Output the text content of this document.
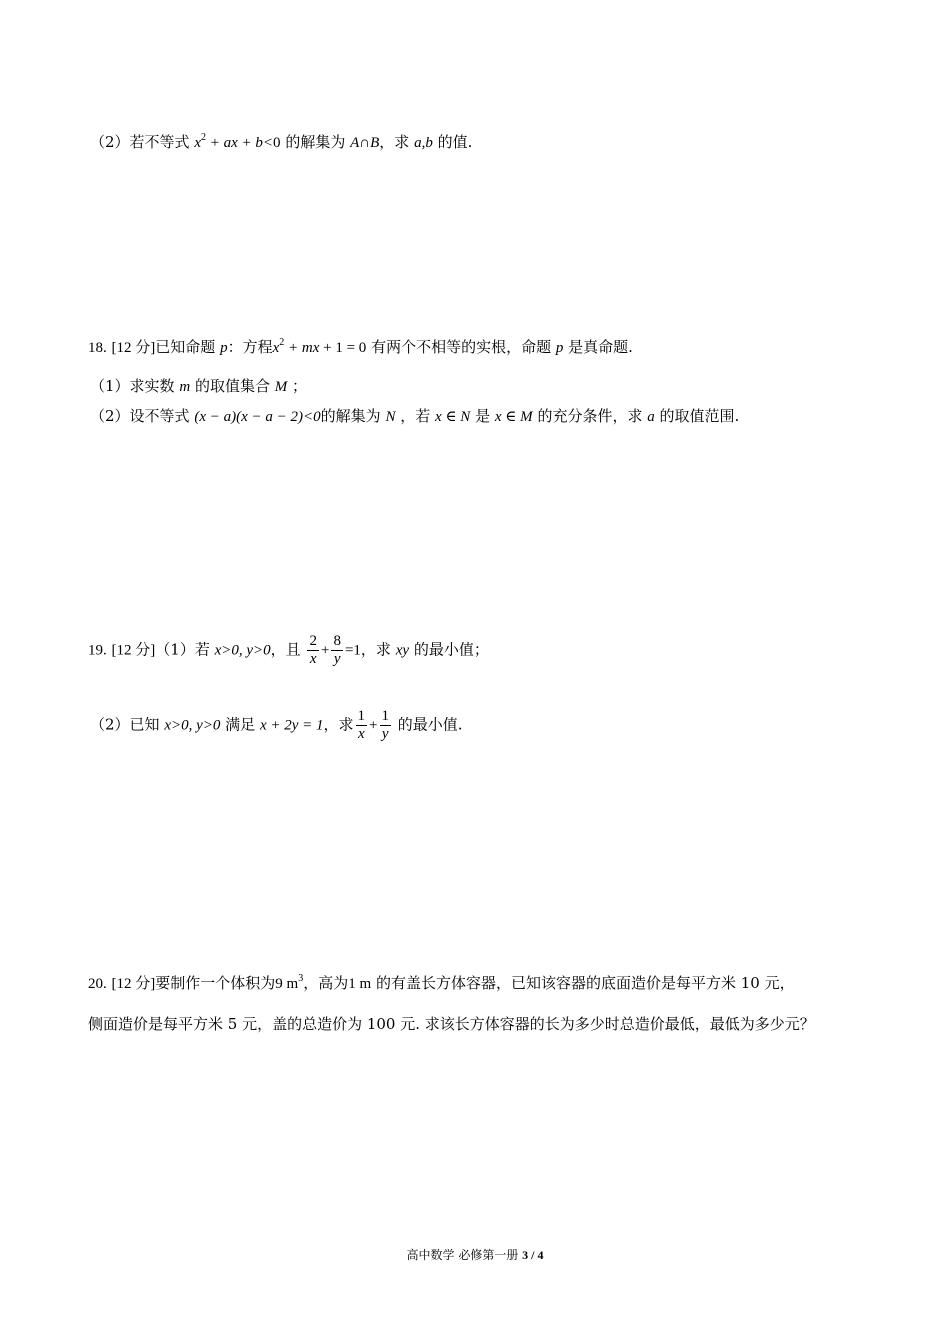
（2）若不等式 $x^2$ + ax + b<0 的解集为 A∩B，求 a,b 的值.
18. [12 分]已知命题 p：方程$x^2$ + mx + 1 = 0 有两个不相等的实根，命题 p 是真命题.
（1）求实数 m 的取值集合 M ；
（2）设不等式 (x − a)(x − a − 2)<0的解集为 N ，若 x ∈ N 是 x ∈ M 的充分条件，求 a 的取值范围.
19. [12 分]（1）若 x>0, y>0，且 $\frac{2}{x} + \frac{8}{y} =1$，求 xy 的最小值；
（2）已知 x>0, y>0 满足 x + 2y = 1，求 $\frac{1}{x} + \frac{1}{y}$ 的最小值.
20. [12 分]要制作一个体积为9 $m^3$，高为1 m 的有盖长方体容器，已知该容器的底面造价是每平方米 10 元，
侧面造价是每平方米 5 元，盖的总造价为 100 元. 求该长方体容器的长为多少时总造价最低，最低为多少元？
高中数学 必修第一册 3 / 4
